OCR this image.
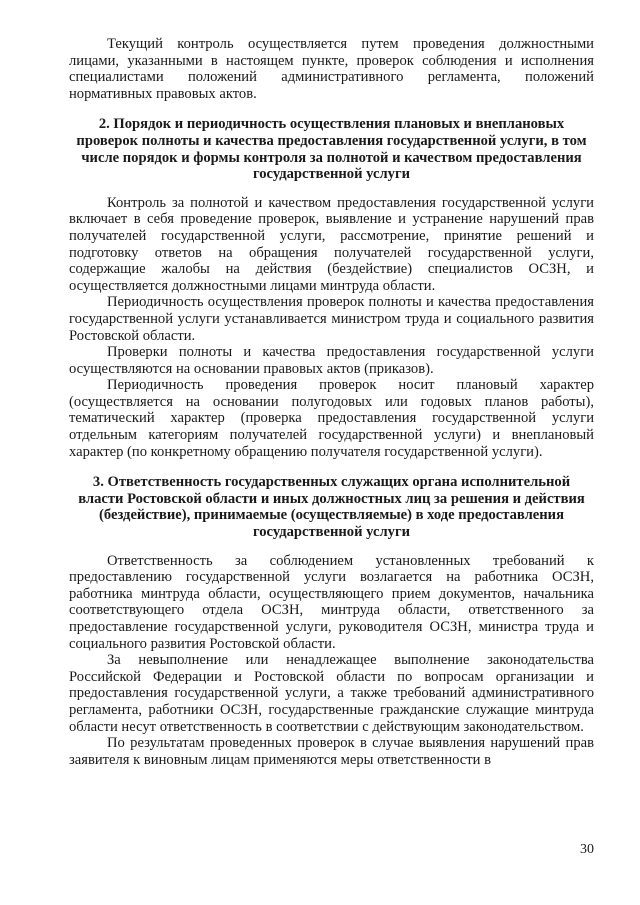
Текущий контроль осуществляется путем проведения должностными лицами, указанными в настоящем пункте, проверок соблюдения и исполнения специалистами положений административного регламента, положений нормативных правовых актов.

2. Порядок и периодичность осуществления плановых и внеплановых проверок полноты и качества предоставления государственной услуги, в том числе порядок и формы контроля за полнотой и качеством предоставления государственной услуги

Контроль за полнотой и качеством предоставления государственной услуги включает в себя проведение проверок, выявление и устранение нарушений прав получателей государственной услуги, рассмотрение, принятие решений и подготовку ответов на обращения получателей государственной услуги, содержащие жалобы на действия (бездействие) специалистов ОСЗН, и осуществляется должностными лицами минтруда области.

Периодичность осуществления проверок полноты и качества предоставления государственной услуги устанавливается министром труда и социального развития Ростовской области.

Проверки полноты и качества предоставления государственной услуги осуществляются на основании правовых актов (приказов).

Периодичность проведения проверок носит плановый характер (осуществляется на основании полугодовых или годовых планов работы), тематический характер (проверка предоставления государственной услуги отдельным категориям получателей государственной услуги) и внеплановый характер (по конкретному обращению получателя государственной услуги).

3. Ответственность государственных служащих органа исполнительной власти Ростовской области и иных должностных лиц за решения и действия (бездействие), принимаемые (осуществляемые) в ходе предоставления государственной услуги

Ответственность за соблюдением установленных требований к предоставлению государственной услуги возлагается на работника ОСЗН, работника минтруда области, осуществляющего прием документов, начальника соответствующего отдела ОСЗН, минтруда области, ответственного за предоставление государственной услуги, руководителя ОСЗН, министра труда и социального развития Ростовской области.

За невыполнение или ненадлежащее выполнение законодательства Российской Федерации и Ростовской области по вопросам организации и предоставления государственной услуги, а также требований административного регламента, работники ОСЗН, государственные гражданские служащие минтруда области несут ответственность в соответствии с действующим законодательством.

По результатам проведенных проверок в случае выявления нарушений прав заявителя к виновным лицам применяются меры ответственности в

30
